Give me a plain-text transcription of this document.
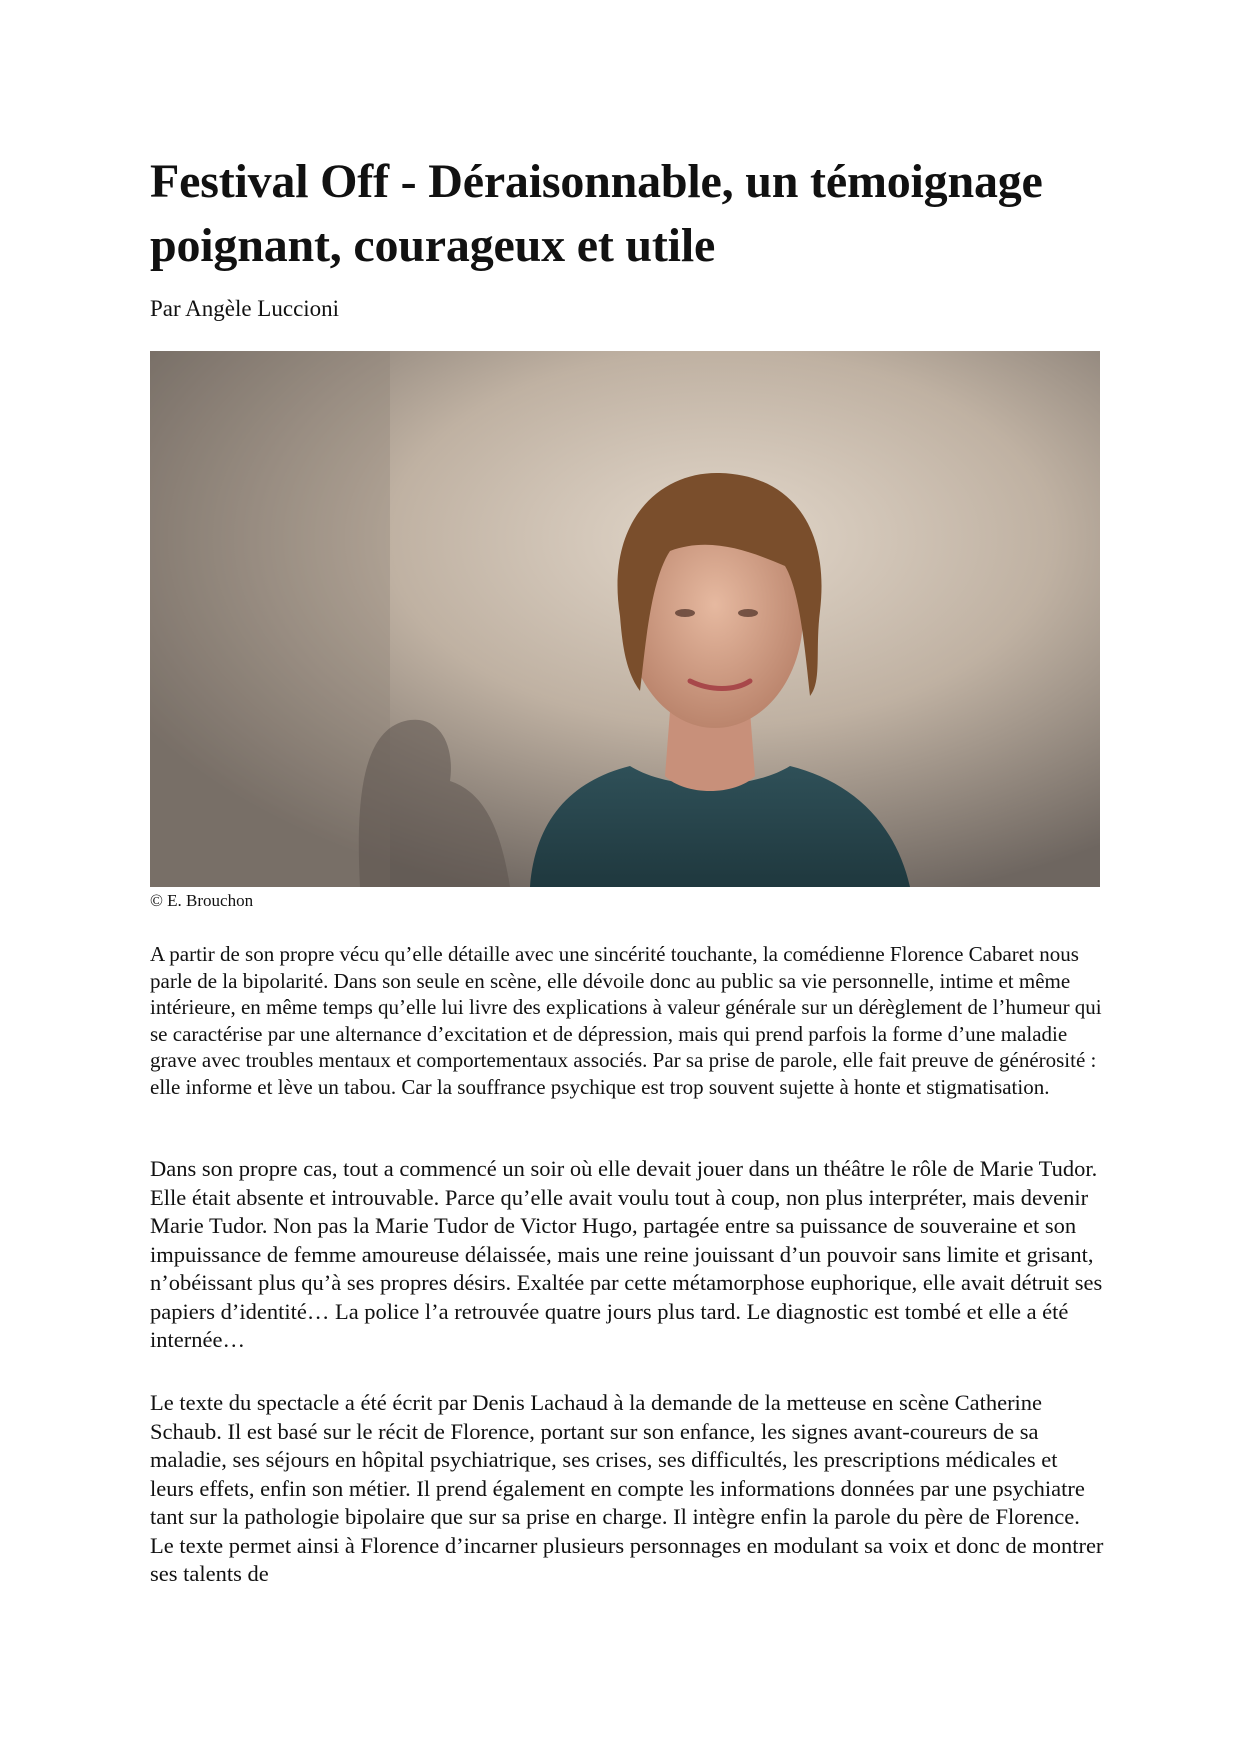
Festival Off - Déraisonnable, un témoignage poignant, courageux et utile

Par Angèle Luccioni

© E. Brouchon

A partir de son propre vécu qu’elle détaille avec une sincérité touchante, la comédienne Florence Cabaret nous parle de la bipolarité. Dans son seule en scène, elle dévoile donc au public sa vie personnelle, intime et même intérieure, en même temps qu’elle lui livre des explications à valeur générale sur un dérèglement de l’humeur qui se caractérise par une alternance d’excitation et de dépression, mais qui prend parfois la forme d’une maladie grave avec troubles mentaux et comportementaux associés. Par sa prise de parole, elle fait preuve de générosité : elle informe et lève un tabou. Car la souffrance psychique est trop souvent sujette à honte et stigmatisation.

Dans son propre cas, tout a commencé un soir où elle devait jouer dans un théâtre le rôle de Marie Tudor. Elle était absente et introuvable. Parce qu’elle avait voulu tout à coup, non plus interpréter, mais devenir Marie Tudor. Non pas la Marie Tudor de Victor Hugo, partagée entre sa puissance de souveraine et son impuissance de femme amoureuse délaissée, mais une reine jouissant d’un pouvoir sans limite et grisant, n’obéissant plus qu’à ses propres désirs. Exaltée par cette métamorphose euphorique, elle avait détruit ses papiers d’identité… La police l’a retrouvée quatre jours plus tard. Le diagnostic est tombé et elle a été internée…

Le texte du spectacle a été écrit par Denis Lachaud à la demande de la metteuse en scène Catherine Schaub. Il est basé sur le récit de Florence, portant sur son enfance, les signes avant-coureurs de sa maladie, ses séjours en hôpital psychiatrique, ses crises, ses difficultés, les prescriptions médicales et leurs effets, enfin son métier. Il prend également en compte les informations données par une psychiatre tant sur la pathologie bipolaire que sur sa prise en charge. Il intègre enfin la parole du père de Florence. Le texte permet ainsi à Florence d’incarner plusieurs personnages en modulant sa voix et donc de montrer ses talents de
